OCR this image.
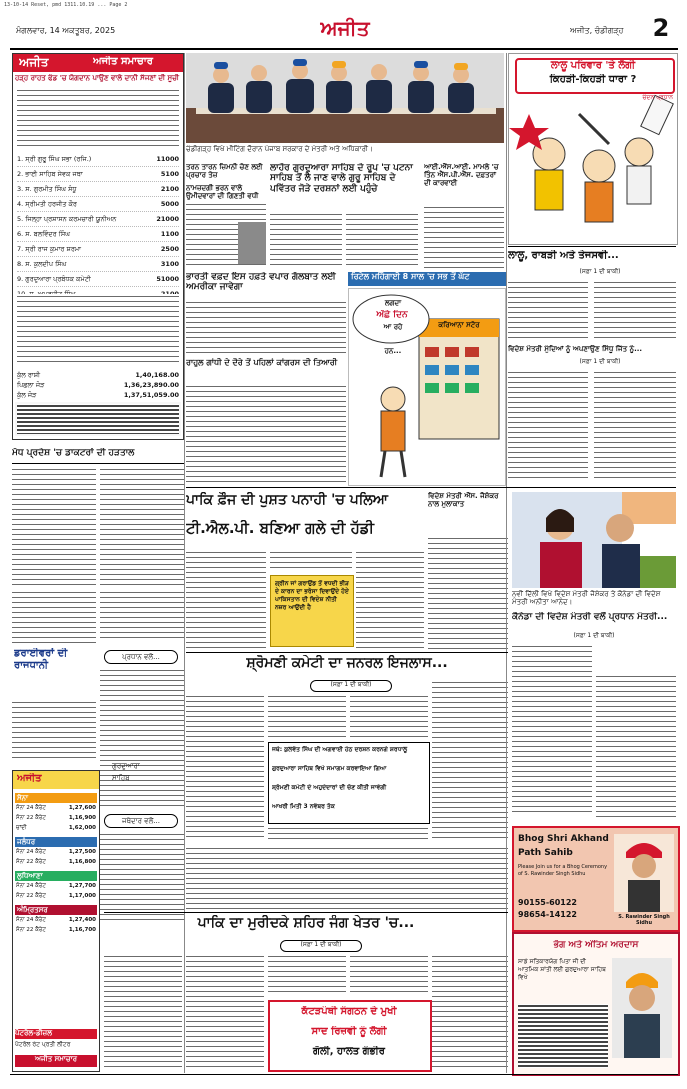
13-10-14 Reset, pmd 1311.10.19 ... Page 2
ਮੰਗਲਵਾਰ, 14 ਅਕਤੂਬਰ, 2025	ਅਜੀਤ	ਅਜੀਤ, ਚੰਡੀਗੜ੍ਹ	2
ਅਜੀਤ	ਅਜੀਤ ਸਮਾਚਾਰ
ਹੜ੍ਹ ਰਾਹਤ ਫੰਡ 'ਚ ਯੋਗਦਾਨ ਪਾਉਣ ਵਾਲੇ ਦਾਨੀ ਸੱਜਣਾਂ ਦੀ ਸੂਚੀ
1. ਸ੍ਰੀ ਗੁਰੂ ਸਿੰਘ ਸਭਾ (ਰਜਿ.)	11000
2. ਭਾਈ ਸਾਹਿਬ ਸੇਵਕ ਜਥਾ	5100
3. ਸ. ਗੁਰਮੀਤ ਸਿੰਘ ਸੰਧੂ	2100
4. ਸ੍ਰੀਮਤੀ ਹਰਜੀਤ ਕੌਰ	5000
5. ਜਿਲ੍ਹਾ ਪ੍ਰਸ਼ਾਸਨ ਕਰਮਚਾਰੀ ਯੂਨੀਅਨ	21000
6. ਸ. ਬਲਵਿੰਦਰ ਸਿੰਘ	1100
7. ਸ੍ਰੀ ਰਾਜ ਕੁਮਾਰ ਸ਼ਰਮਾ	2500
8. ਸ. ਕੁਲਦੀਪ ਸਿੰਘ	3100
9. ਗੁਰਦੁਆਰਾ ਪ੍ਰਬੰਧਕ ਕਮੇਟੀ	51000
ਕੁੱਲ ਰਾਸ਼ੀ	1,40,168.00
ਪਿਛਲਾ ਜੋੜ	1,36,23,890.00
ਕੁੱਲ ਜੋੜ	1,37,51,059.00
ਮੱਧ ਪ੍ਰਦੇਸ਼ 'ਚ ਡਾਕਟਰਾਂ ਦੀ ਹੜਤਾਲ
ਡਰਾਈਵਰਾਂ ਦੀ ਰਾਜਧਾਨੀ
ਪ੍ਰਧਾਨ ਵਲੋਂ...
ਜਥੇਦਾਰ ਵਲੋਂ...
ਅਜੀਤ
ਸੋਨਾ
ਸੋਨਾ 24 ਕੈਰੇਟ	1,27,600
ਸੋਨਾ 22 ਕੈਰੇਟ	1,16,900
ਚਾਂਦੀ	1,62,000
ਜਲੰਧਰ
ਸੋਨਾ 24 ਕੈਰੇਟ	1,27,500
ਸੋਨਾ 22 ਕੈਰੇਟ	1,16,800
ਲੁਧਿਆਣਾ
ਸੋਨਾ 24 ਕੈਰੇਟ	1,27,700
ਸੋਨਾ 22 ਕੈਰੇਟ	1,17,000
ਅੰਮ੍ਰਿਤਸਰ
ਸੋਨਾ 24 ਕੈਰੇਟ	1,27,400
ਸੋਨਾ 22 ਕੈਰੇਟ	1,16,700
ਪੈਟਰੋਲ-ਡੀਜ਼ਲ
ਪੈਟਰੋਲ ਰੇਟ ਪ੍ਰਤੀ ਲੀਟਰ
ਅਜੀਤ ਸਮਾਚਾਰ
ਚੰਡੀਗੜ੍ਹ ਵਿਖੇ ਮੀਟਿੰਗ ਦੌਰਾਨ ਪੰਜਾਬ ਸਰਕਾਰ ਦੇ ਮੰਤਰੀ ਅਤੇ ਅਧਿਕਾਰੀ।
ਤਰਨ ਤਾਰਨ ਜ਼ਿਮਨੀ ਚੋਣ ਲਈ ਪ੍ਰਚਾਰ ਤੇਜ਼
ਨਾਮਜ਼ਦਗੀ ਭਰਨ ਵਾਲੇ ਉਮੀਦਵਾਰਾਂ ਦੀ ਗਿਣਤੀ ਵਧੀ
ਲਾਹੌਰ ਗੁਰਦੁਆਰਾ ਸਾਹਿਬ ਦੇ ਰੂਪ 'ਚ ਪਟਨਾ ਸਾਹਿਬ ਤੋਂ ਲੈ ਜਾਣ ਵਾਲੇ ਗੁਰੂ ਸਾਹਿਬ ਦੇ ਪਵਿੱਤਰ ਜੋੜੇ ਦਰਸ਼ਨਾਂ ਲਈ ਪਹੁੰਚੇ
ਆਈ.ਐੱਸ.ਆਈ. ਮਾਮਲੇ 'ਚ ਤਿੰਨ ਐੱਸ.ਪੀ.ਐੱਸ. ਦਫ਼ਤਰਾਂ ਦੀ ਕਾਰਵਾਈ
ਭਾਰਤੀ ਵਫ਼ਦ ਇਸ ਹਫ਼ਤੇ ਵਪਾਰ ਗੱਲਬਾਤ ਲਈ ਅਮਰੀਕਾ ਜਾਵੇਗਾ
ਰਾਹੁਲ ਗਾਂਧੀ ਦੇ ਦੌਰੇ ਤੋਂ ਪਹਿਲਾਂ ਕਾਂਗਰਸ ਦੀ ਤਿਆਰੀ
ਰਿਟੇਲ ਮਹਿੰਗਾਈ 8 ਸਾਲ 'ਚ ਸਭ ਤੋਂ ਘੱਟ
ਲਗਦਾ
ਅੱਛੇ ਦਿਨ
ਆ ਰਹੇ
ਹਨ...
ਕਰਿਆਨਾ ਸਟੋਰ
ਲਾਲੂ ਪਰਿਵਾਰ 'ਤੇ ਲੱਗੀ
ਕਿਹੜੀ-ਕਿਹੜੀ ਧਾਰਾ ?
ਚੰਦਨ ਪ੍ਰਧਾਨ
ਲਾਲੂ, ਰਾਬੜੀ ਅਤੇ ਤੇਜਸਵੀ...
(ਸਫ਼ਾ 1 ਦੀ ਬਾਕੀ)
ਵਿਦੇਸ਼ ਮੰਤਰੀ ਮੁੱਦਿਆਂ ਨੂੰ ਅਪਣਾਉਣ ਸਿੰਧੂ ਜਿੱਤ ਨੂੰ...
(ਸਫ਼ਾ 1 ਦੀ ਬਾਕੀ)
ਪਾਕਿ ਫ਼ੌਜ ਦੀ ਪੁਸ਼ਤ ਪਨਾਹੀ 'ਚ ਪਲਿਆ
ਟੀ.ਐਲ.ਪੀ. ਬਣਿਆ ਗਲੇ ਦੀ ਹੱਡੀ
ਗ੍ਰੀਨ ਜਾਂ ਗਰਾਉਂਡ ਤੋਂ ਵਧਦੀ ਭੀੜ ਦੇ ਕਾਰਨ ਦਾ ਭਰੋਸਾ ਦਿਵਾਉਂਦੇ ਹੋਏ ਪਾਕਿਸਤਾਨ ਦੀ ਵਿਦੇਸ਼ ਨੀਤੀ ਨਜ਼ਰ ਆਉਂਦੀ ਹੈ
ਵਿਦੇਸ਼ ਮੰਤਰੀ ਐੱਸ. ਜੈਸ਼ੰਕਰ ਨਾਲ ਮੁਲਾਕਾਤ
ਨਵੀਂ ਦਿੱਲੀ ਵਿਖੇ ਵਿਦੇਸ਼ ਮੰਤਰੀ ਜੈਸ਼ੰਕਰ ਤੇ ਕੈਨੇਡਾ ਦੀ ਵਿਦੇਸ਼ ਮੰਤਰੀ ਅਨੀਤਾ ਆਨੰਦ।
ਕੈਨੇਡਾ ਦੀ ਵਿਦੇਸ਼ ਮੰਤਰੀ ਵਲੋਂ ਪ੍ਰਧਾਨ ਮੰਤਰੀ...
(ਸਫ਼ਾ 1 ਦੀ ਬਾਕੀ)
ਸ਼੍ਰੋਮਣੀ ਕਮੇਟੀ ਦਾ ਜਨਰਲ ਇਜਲਾਸ...
(ਸਫ਼ਾ 1 ਦੀ ਬਾਕੀ)
ਜਥੇ: ਕੁਲਵੰਤ ਸਿੰਘ ਦੀ ਅਗਵਾਈ ਹੇਠ ਦਰਸ਼ਨ ਕਰਨਗੇ ਸ਼ਰਧਾਲੂ
ਗੁਰਦੁਆਰਾ ਸਾਹਿਬ ਵਿਖੇ ਸਮਾਗਮ ਕਰਵਾਇਆ ਗਿਆ
ਸ਼੍ਰੋਮਣੀ ਕਮੇਟੀ ਦੇ ਅਹੁਦੇਦਾਰਾਂ ਦੀ ਚੋਣ ਕੀਤੀ ਜਾਵੇਗੀ
ਆਖਰੀ ਮਿਤੀ 3 ਨਵੰਬਰ ਤੱਕ
ਪਾਕਿ ਦਾ ਮੁਰੀਦਕੇ ਸ਼ਹਿਰ ਜੰਗ ਖੇਤਰ 'ਚ...
(ਸਫ਼ਾ 1 ਦੀ ਬਾਕੀ)
ਕੱਟੜਪੰਥੀ ਸੰਗਠਨ ਦੇ ਮੁਖੀ
ਸਾਦ ਰਿਜ਼ਵੀ ਨੂੰ ਲੱਗੀ
ਗੋਲੀ, ਹਾਲਤ ਗੰਭੀਰ
Bhog Shri Akhand
Path Sahib
Please Join us for a Bhog Ceremony of S. Rawinder Singh Sidhu
90155-60122
98654-14122	S. Rawinder Singh Sidhu
ਭੋਗ ਅਤੇ ਅੰਤਿਮ ਅਰਦਾਸ
ਸਾਡੇ ਸਤਿਕਾਰਯੋਗ ਪਿਤਾ ਜੀ ਦੀ ਆਤਮਿਕ ਸ਼ਾਂਤੀ ਲਈ ਗੁਰਦੁਆਰਾ ਸਾਹਿਬ ਵਿਖੇ
